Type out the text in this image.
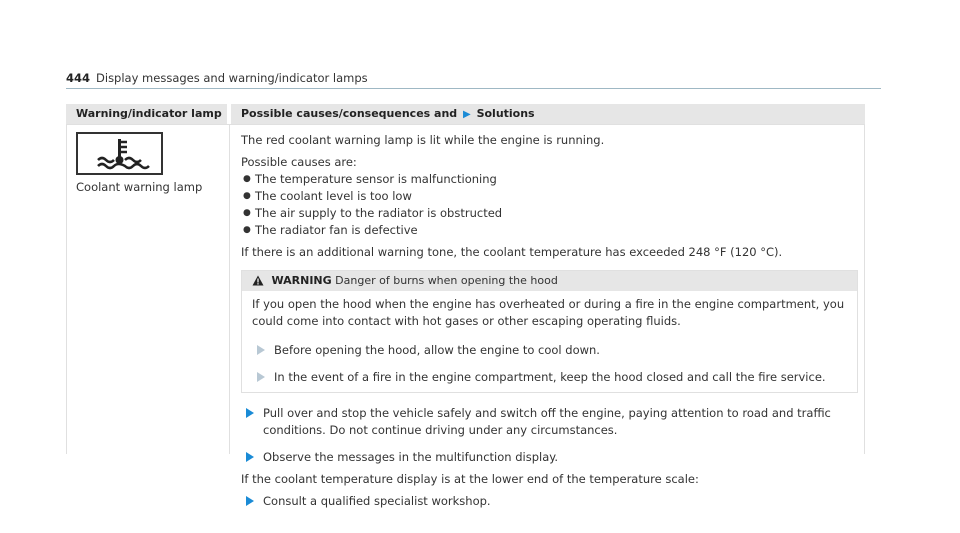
444 Display messages and warning/indicator lamps
Warning/indicator lamp	Possible causes/consequences and ▶ Solutions
Coolant warning lamp
The red coolant warning lamp is lit while the engine is running.
Possible causes are:
● The temperature sensor is malfunctioning
● The coolant level is too low
● The air supply to the radiator is obstructed
● The radiator fan is defective
If there is an additional warning tone, the coolant temperature has exceeded 248 °F (120 °C).
WARNING Danger of burns when opening the hood
If you open the hood when the engine has overheated or during a fire in the engine compartment, you could come into contact with hot gases or other escaping operating fluids.
Before opening the hood, allow the engine to cool down.
In the event of a fire in the engine compartment, keep the hood closed and call the fire service.
Pull over and stop the vehicle safely and switch off the engine, paying attention to road and traffic conditions. Do not continue driving under any circumstances.
Observe the messages in the multifunction display.
If the coolant temperature display is at the lower end of the temperature scale:
Consult a qualified specialist workshop.
